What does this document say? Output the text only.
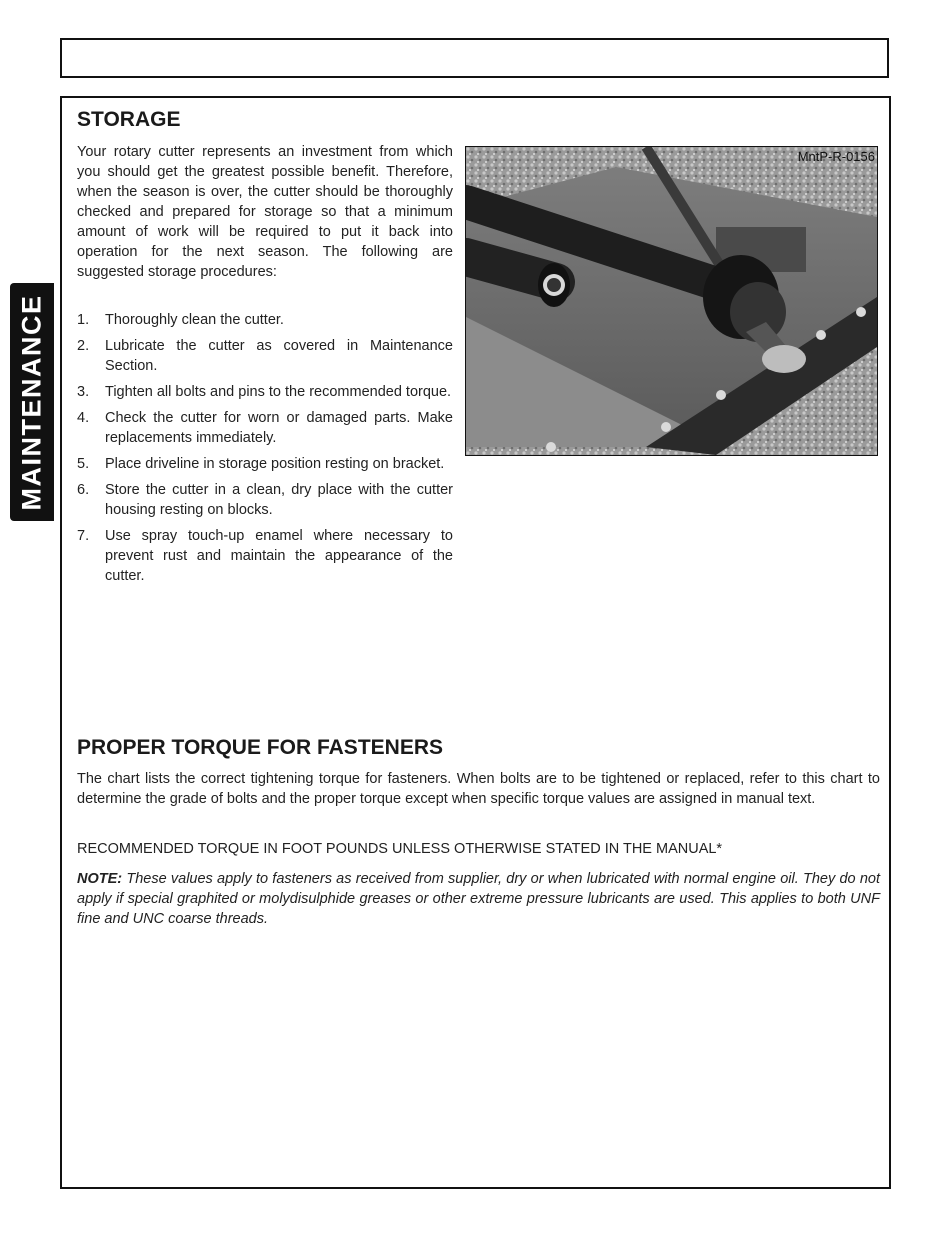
MAINTENANCE
STORAGE

Your rotary cutter represents an investment from which you should get the greatest possible benefit. Therefore, when the season is over, the cutter should be thoroughly checked and prepared for storage so that a minimum amount of work will be required to put it back into operation for the next season. The following are suggested storage procedures:

1. Thoroughly clean the cutter.
2. Lubricate the cutter as covered in Maintenance Section.
3. Tighten all bolts and pins to the recommended torque.
4. Check the cutter for worn or damaged parts. Make replacements immediately.
5. Place driveline in storage position resting on bracket.
6. Store the cutter in a clean, dry place with the cutter housing resting on blocks.
7. Use spray touch-up enamel where necessary to prevent rust and maintain the appearance of the cutter.
MntP-R-0156
PROPER TORQUE FOR FASTENERS

The chart lists the correct tightening torque for fasteners. When bolts are to be tightened or replaced, refer to this chart to determine the grade of bolts and the proper torque except when specific torque values are assigned in manual text.

RECOMMENDED TORQUE IN FOOT POUNDS UNLESS OTHERWISE STATED IN THE MANUAL*

NOTE: These values apply to fasteners as received from supplier, dry or when lubricated with normal engine oil. They do not apply if special graphited or molydisulphide greases or other extreme pressure lubricants are used. This applies to both UNF fine and UNC coarse threads.
